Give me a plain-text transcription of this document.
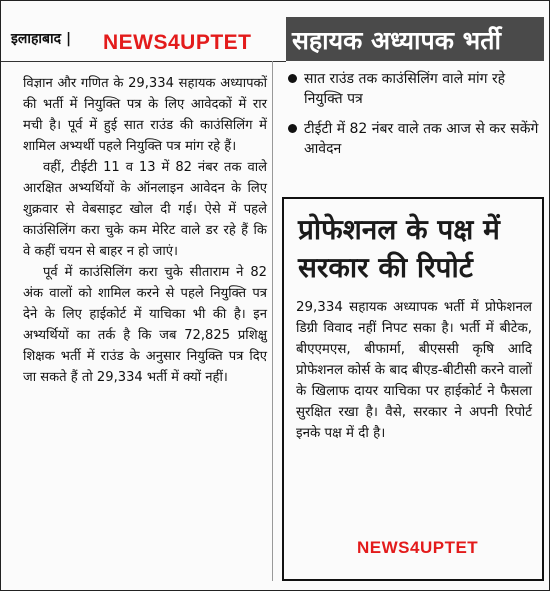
इलाहाबाद | NEWS4UPTET सहायक अध्यापक भर्ती

विज्ञान और गणित के 29,334 सहायक अध्यापकों की भर्ती में नियुक्ति पत्र के लिए आवेदकों में रार मची है। पूर्व में हुई सात राउंड की काउंसिलिंग में शामिल अभ्यर्थी पहले नियुक्ति पत्र मांग रहे हैं।

वहीं, टीईटी 11 व 13 में 82 नंबर तक वाले आरक्षित अभ्यर्थियों के ऑनलाइन आवेदन के लिए शुक्रवार से वेबसाइट खोल दी गई। ऐसे में पहले काउंसिलिंग करा चुके कम मेरिट वाले डर रहे हैं कि वे कहीं चयन से बाहर न हो जाएं।

पूर्व में काउंसिलिंग करा चुके सीताराम ने 82 अंक वालों को शामिल करने से पहले नियुक्ति पत्र देने के लिए हाईकोर्ट में याचिका भी की है। इन अभ्यर्थियों का तर्क है कि जब 72,825 प्रशिक्षु शिक्षक भर्ती में राउंड के अनुसार नियुक्ति पत्र दिए जा सकते हैं तो 29,334 भर्ती में क्यों नहीं।

सात राउंड तक काउंसिलिंग वाले मांग रहे नियुक्ति पत्र
टीईटी में 82 नंबर वाले तक आज से कर सकेंगे आवेदन
प्रोफेशनल के पक्ष में सरकार की रिपोर्ट

29,334 सहायक अध्यापक भर्ती में प्रोफेशनल डिग्री विवाद नहीं निपट सका है। भर्ती में बीटेक, बीएएमएस, बीफार्मा, बीएससी कृषि आदि प्रोफेशनल कोर्स के बाद बीएड-बीटीसी करने वालों के खिलाफ दायर याचिका पर हाईकोर्ट ने फैसला सुरक्षित रखा है। वैसे, सरकार ने अपनी रिपोर्ट इनके पक्ष में दी है।

NEWS4UPTET
